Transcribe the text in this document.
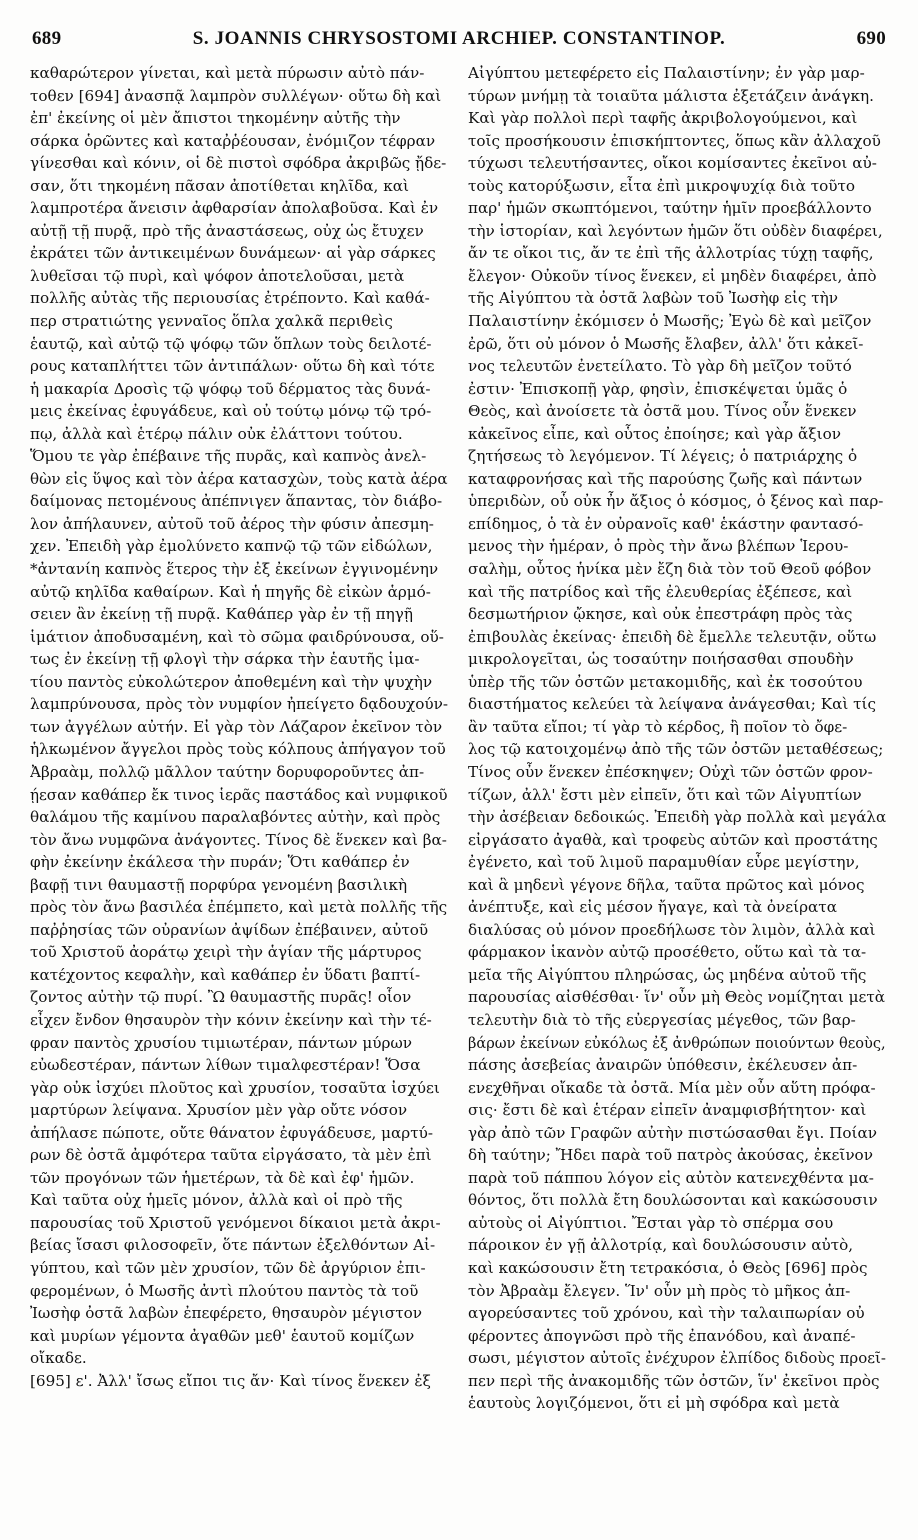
689	S. JOANNIS CHRYSOSTOMI ARCHIEP. CONSTANTINOP.	690
καθαρώτερον γίνεται, καὶ μετὰ πύρωσιν αὐτὸ πάν-
τοθεν [694] ἀνασπᾷ λαμπρὸν συλλέγων· οὕτω δὴ καὶ
ἐπ' ἐκείνης οἱ μὲν ἄπιστοι τηκομένην αὐτῆς τὴν
σάρκα ὁρῶντες καὶ καταῤῥέουσαν, ἐνόμιζον τέφραν
γίνεσθαι καὶ κόνιν, οἱ δὲ πιστοὶ σφόδρα ἀκριβῶς ᾔδε-
σαν, ὅτι τηκομένη πᾶσαν ἀποτίθεται κηλῖδα, καὶ
λαμπροτέρα ἄνεισιν ἀφθαρσίαν ἀπολαβοῦσα. Καὶ ἐν
αὐτῇ τῇ πυρᾷ, πρὸ τῆς ἀναστάσεως, οὐχ ὡς ἔτυχεν
ἐκράτει τῶν ἀντικειμένων δυνάμεων· αἱ γὰρ σάρκες
λυθεῖσαι τῷ πυρὶ, καὶ ψόφον ἀποτελοῦσαι, μετὰ
πολλῆς αὐτὰς τῆς περιουσίας ἐτρέποντο. Καὶ καθά-
περ στρατιώτης γενναῖος ὅπλα χαλκᾶ περιθεὶς
ἑαυτῷ, καὶ αὐτῷ τῷ ψόφῳ τῶν ὅπλων τοὺς δειλοτέ-
ρους καταπλήττει τῶν ἀντιπάλων· οὕτω δὴ καὶ τότε
ἡ μακαρία Δροσὶς τῷ ψόφῳ τοῦ δέρματος τὰς δυνά-
μεις ἐκείνας ἐφυγάδευε, καὶ οὐ τούτῳ μόνῳ τῷ τρό-
πῳ, ἀλλὰ καὶ ἑτέρῳ πάλιν οὐκ ἐλάττονι τούτου.
Ὅμου τε γὰρ ἐπέβαινε τῆς πυρᾶς, καὶ καπνὸς ἀνελ-
θὼν εἰς ὕψος καὶ τὸν ἀέρα κατασχὼν, τοὺς κατὰ ἀέρα
δαίμονας πετομένους ἀπέπνιγεν ἅπαντας, τὸν διάβο-
λον ἀπήλαυνεν, αὐτοῦ τοῦ ἀέρος τὴν φύσιν ἀπεσμη-
χεν. Ἐπειδὴ γὰρ ἐμολύνετο καπνῷ τῷ τῶν εἰδώλων,
*ἀντανίη καπνὸς ἕτερος τὴν ἐξ ἐκείνων ἐγγινομένην
αὐτῷ κηλῖδα καθαίρων. Καὶ ἡ πηγῆς δὲ εἰκὼν ἁρμό-
σειεν ἂν ἐκείνῃ τῇ πυρᾷ. Καθάπερ γὰρ ἐν τῇ πηγῇ
ἱμάτιον ἀποδυσαμένη, καὶ τὸ σῶμα φαιδρύνουσα, οὕ-
τως ἐν ἐκείνῃ τῇ φλογὶ τὴν σάρκα τὴν ἑαυτῆς ἱμα-
τίου παντὸς εὐκολώτερον ἀποθεμένη καὶ τὴν ψυχὴν
λαμπρύνουσα, πρὸς τὸν νυμφίον ἠπείγετο δᾳδουχούν-
των ἀγγέλων αὐτήν. Εἰ γὰρ τὸν Λάζαρον ἐκεῖνον τὸν
ἡλκωμένον ἄγγελοι πρὸς τοὺς κόλπους ἀπήγαγον τοῦ
Ἀβραὰμ, πολλῷ μᾶλλον ταύτην δορυφοροῦντες ἀπ-
ῄεσαν καθάπερ ἔκ τινος ἱερᾶς παστάδος καὶ νυμφικοῦ
θαλάμου τῆς καμίνου παραλαβόντες αὐτὴν, καὶ πρὸς
τὸν ἄνω νυμφῶνα ἀνάγοντες. Τίνος δὲ ἕνεκεν καὶ βα-
φὴν ἐκείνην ἐκάλεσα τὴν πυράν; Ὅτι καθάπερ ἐν
βαφῇ τινι θαυμαστῇ πορφύρα γενομένη βασιλικὴ
πρὸς τὸν ἄνω βασιλέα ἐπέμπετο, καὶ μετὰ πολλῆς τῆς
παῤῥησίας τῶν οὐρανίων ἀψίδων ἐπέβαινεν, αὐτοῦ
τοῦ Χριστοῦ ἀοράτῳ χειρὶ τὴν ἁγίαν τῆς μάρτυρος
κατέχοντος κεφαλὴν, καὶ καθάπερ ἐν ὕδατι βαπτί-
ζοντος αὐτὴν τῷ πυρί. Ὢ θαυμαστῆς πυρᾶς! οἷον
εἶχεν ἔνδον θησαυρὸν τὴν κόνιν ἐκείνην καὶ τὴν τέ-
φραν παντὸς χρυσίου τιμιωτέραν, πάντων μύρων
εὐωδεστέραν, πάντων λίθων τιμαλφεστέραν! Ὅσα
γὰρ οὐκ ἰσχύει πλοῦτος καὶ χρυσίον, τοσαῦτα ἰσχύει
μαρτύρων λείψανα. Χρυσίον μὲν γὰρ οὔτε νόσον
ἀπήλασε πώποτε, οὔτε θάνατον ἐφυγάδευσε, μαρτύ-
ρων δὲ ὀστᾶ ἀμφότερα ταῦτα εἰργάσατο, τὰ μὲν ἐπὶ
τῶν προγόνων τῶν ἡμετέρων, τὰ δὲ καὶ ἐφ' ἡμῶν.
Καὶ ταῦτα οὐχ ἡμεῖς μόνον, ἀλλὰ καὶ οἱ πρὸ τῆς
παρουσίας τοῦ Χριστοῦ γενόμενοι δίκαιοι μετὰ ἀκρι-
βείας ἴσασι φιλοσοφεῖν, ὅτε πάντων ἐξελθόντων Αἰ-
γύπτου, καὶ τῶν μὲν χρυσίον, τῶν δὲ ἀργύριον ἐπι-
φερομένων, ὁ Μωσῆς ἀντὶ πλούτου παντὸς τὰ τοῦ
Ἰωσὴφ ὀστᾶ λαβὼν ἐπεφέρετο, θησαυρὸν μέγιστον
καὶ μυρίων γέμοντα ἀγαθῶν μεθ' ἑαυτοῦ κομίζων
οἴκαδε.
[695] ε'. Ἀλλ' ἴσως εἴποι τις ἄν· Καὶ τίνος ἕνεκεν ἐξ
Αἰγύπτου μετεφέρετο εἰς Παλαιστίνην; ἐν γὰρ μαρ-
τύρων μνήμῃ τὰ τοιαῦτα μάλιστα ἐξετάζειν ἀνάγκη.
Καὶ γὰρ πολλοὶ περὶ ταφῆς ἀκριβολογούμενοι, καὶ
τοῖς προσήκουσιν ἐπισκήπτοντες, ὅπως κἂν ἀλλαχοῦ
τύχωσι τελευτήσαντες, οἴκοι κομίσαντες ἐκεῖνοι αὐ-
τοὺς κατορύξωσιν, εἶτα ἐπὶ μικροψυχίᾳ διὰ τοῦτο
παρ' ἡμῶν σκωπτόμενοι, ταύτην ἡμῖν προεβάλλοντο
τὴν ἱστορίαν, καὶ λεγόντων ἡμῶν ὅτι οὐδὲν διαφέρει,
ἄν τε οἴκοι τις, ἄν τε ἐπὶ τῆς ἀλλοτρίας τύχῃ ταφῆς,
ἔλεγον· Οὐκοῦν τίνος ἕνεκεν, εἰ μηδὲν διαφέρει, ἀπὸ
τῆς Αἰγύπτου τὰ ὀστᾶ λαβὼν τοῦ Ἰωσὴφ εἰς τὴν
Παλαιστίνην ἐκόμισεν ὁ Μωσῆς; Ἐγὼ δὲ καὶ μεῖζον
ἐρῶ, ὅτι οὐ μόνον ὁ Μωσῆς ἔλαβεν, ἀλλ' ὅτι κἀκεῖ-
νος τελευτῶν ἐνετείλατο. Τὸ γὰρ δὴ μεῖζον τοῦτό
ἐστιν· Ἐπισκοπῇ γὰρ, φησὶν, ἐπισκέψεται ὑμᾶς ὁ
Θεὸς, καὶ ἀνοίσετε τὰ ὀστᾶ μου. Τίνος οὖν ἕνεκεν
κἀκεῖνος εἶπε, καὶ οὗτος ἐποίησε; καὶ γὰρ ἄξιον
ζητήσεως τὸ λεγόμενον. Τί λέγεις; ὁ πατριάρχης ὁ
καταφρονήσας καὶ τῆς παρούσης ζωῆς καὶ πάντων
ὑπεριδὼν, οὗ οὐκ ἦν ἄξιος ὁ κόσμος, ὁ ξένος καὶ παρ-
επίδημος, ὁ τὰ ἐν οὐρανοῖς καθ' ἑκάστην φαντασό-
μενος τὴν ἡμέραν, ὁ πρὸς τὴν ἄνω βλέπων Ἱερου-
σαλὴμ, οὗτος ἡνίκα μὲν ἔζη διὰ τὸν τοῦ Θεοῦ φόβον
καὶ τῆς πατρίδος καὶ τῆς ἐλευθερίας ἐξέπεσε, καὶ
δεσμωτήριον ᾤκησε, καὶ οὐκ ἐπεστράφη πρὸς τὰς
ἐπιβουλὰς ἐκείνας· ἐπειδὴ δὲ ἔμελλε τελευτᾷν, οὕτω
μικρολογεῖται, ὡς τοσαύτην ποιήσασθαι σπουδὴν
ὑπὲρ τῆς τῶν ὀστῶν μετακομιδῆς, καὶ ἐκ τοσούτου
διαστήματος κελεύει τὰ λείψανα ἀνάγεσθαι; Καὶ τίς
ἂν ταῦτα εἴποι; τί γὰρ τὸ κέρδος, ἢ ποῖον τὸ ὄφε-
λος τῷ κατοιχομένῳ ἀπὸ τῆς τῶν ὀστῶν μεταθέσεως;
Τίνος οὖν ἕνεκεν ἐπέσκηψεν; Οὐχὶ τῶν ὀστῶν φρον-
τίζων, ἀλλ' ἔστι μὲν εἰπεῖν, ὅτι καὶ τῶν Αἰγυπτίων
τὴν ἀσέβειαν δεδοικώς. Ἐπειδὴ γὰρ πολλὰ καὶ μεγάλα
εἰργάσατο ἀγαθὰ, καὶ τροφεὺς αὐτῶν καὶ προστάτης
ἐγένετο, καὶ τοῦ λιμοῦ παραμυθίαν εὗρε μεγίστην,
καὶ ἃ μηδενὶ γέγονε δῆλα, ταῦτα πρῶτος καὶ μόνος
ἀνέπτυξε, καὶ εἰς μέσον ἤγαγε, καὶ τὰ ὀνείρατα
διαλύσας οὐ μόνον προεδήλωσε τὸν λιμὸν, ἀλλὰ καὶ
φάρμακον ἱκανὸν αὐτῷ προσέθετο, οὕτω καὶ τὰ τα-
μεῖα τῆς Αἰγύπτου πληρώσας, ὡς μηδένα αὐτοῦ τῆς
παρουσίας αἰσθέσθαι· ἵν' οὖν μὴ Θεὸς νομίζηται μετὰ
τελευτὴν διὰ τὸ τῆς εὐεργεσίας μέγεθος, τῶν βαρ-
βάρων ἐκείνων εὐκόλως ἐξ ἀνθρώπων ποιούντων θεοὺς,
πάσης ἀσεβείας ἀναιρῶν ὑπόθεσιν, ἐκέλευσεν ἀπ-
ενεχθῆναι οἴκαδε τὰ ὀστᾶ. Μία μὲν οὖν αὕτη πρόφα-
σις· ἔστι δὲ καὶ ἑτέραν εἰπεῖν ἀναμφισβήτητον· καὶ
γὰρ ἀπὸ τῶν Γραφῶν αὐτὴν πιστώσασθαι ἔγι. Ποίαν
δὴ ταύτην; Ἤδει παρὰ τοῦ πατρὸς ἀκούσας, ἐκεῖνον
παρὰ τοῦ πάππου λόγον εἰς αὐτὸν κατενεχθέντα μα-
θόντος, ὅτι πολλὰ ἔτη δουλώσονται καὶ κακώσουσιν
αὐτοὺς οἱ Αἰγύπτιοι. Ἔσται γὰρ τὸ σπέρμα σου
πάροικον ἐν γῇ ἀλλοτρίᾳ, καὶ δουλώσουσιν αὐτὸ,
καὶ κακώσουσιν ἔτη τετρακόσια, ὁ Θεὸς [696] πρὸς
τὸν Ἀβραὰμ ἔλεγεν. Ἵν' οὖν μὴ πρὸς τὸ μῆκος ἀπ-
αγορεύσαντες τοῦ χρόνου, καὶ τὴν ταλαιπωρίαν οὐ
φέροντες ἀπογνῶσι πρὸ τῆς ἐπανόδου, καὶ ἀναπέ-
σωσι, μέγιστον αὐτοῖς ἐνέχυρον ἐλπίδος διδοὺς προεῖ-
πεν περὶ τῆς ἀνακομιδῆς τῶν ὀστῶν, ἵν' ἐκεῖνοι πρὸς
ἑαυτοὺς λογιζόμενοι, ὅτι εἰ μὴ σφόδρα καὶ μετὰ
